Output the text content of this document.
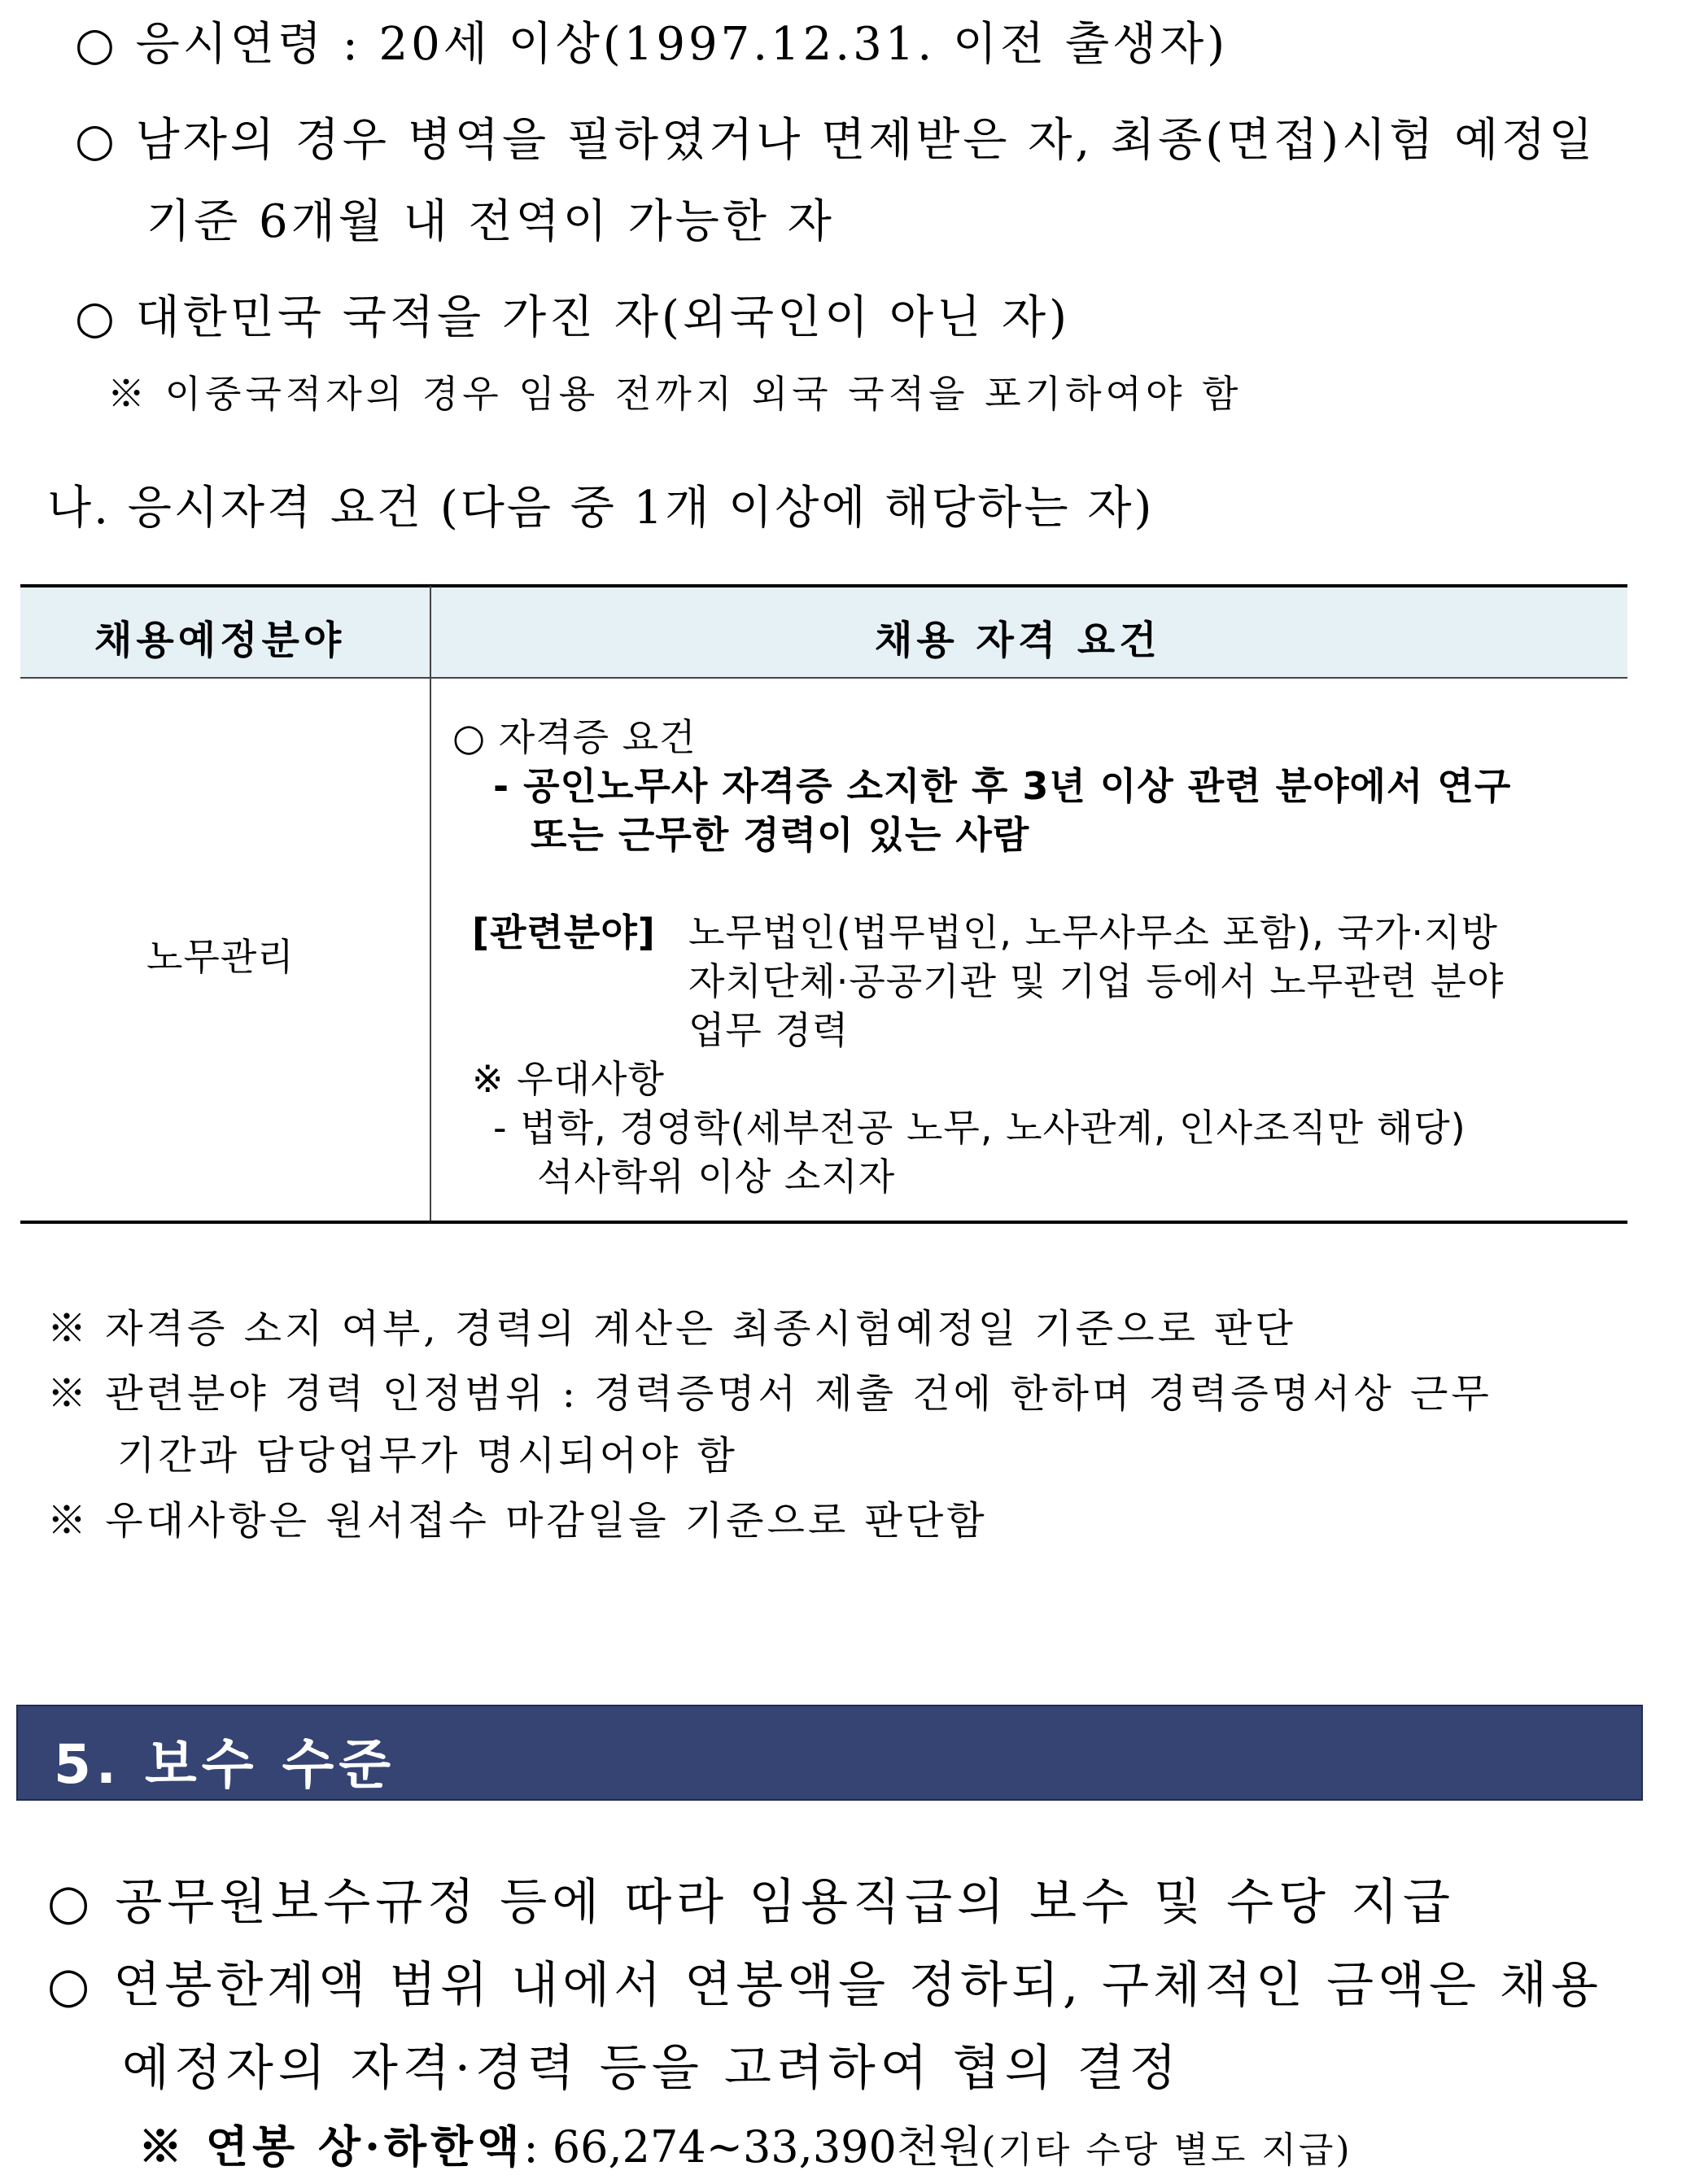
○ 응시연령 : 20세 이상(1997.12.31. 이전 출생자)
○ 남자의 경우 병역을 필하였거나 면제받은 자, 최종(면접)시험 예정일
기준 6개월 내 전역이 가능한 자
○ 대한민국 국적을 가진 자(외국인이 아닌 자)
※ 이중국적자의 경우 임용 전까지 외국 국적을 포기하여야 함
나. 응시자격 요건 (다음 중 1개 이상에 해당하는 자)
채용예정분야	채용 자격 요건
노무관리
○ 자격증 요건
- 공인노무사 자격증 소지한 후 3년 이상 관련 분야에서 연구
또는 근무한 경력이 있는 사람
[관련분야] 노무법인(법무법인, 노무사무소 포함), 국가·지방
자치단체·공공기관 및 기업 등에서 노무관련 분야
업무 경력
※ 우대사항
- 법학, 경영학(세부전공 노무, 노사관계, 인사조직만 해당)
석사학위 이상 소지자
※ 자격증 소지 여부, 경력의 계산은 최종시험예정일 기준으로 판단
※ 관련분야 경력 인정범위 : 경력증명서 제출 건에 한하며 경력증명서상 근무
기간과 담당업무가 명시되어야 함
※ 우대사항은 원서접수 마감일을 기준으로 판단함
5. 보수 수준
○ 공무원보수규정 등에 따라 임용직급의 보수 및 수당 지급
○ 연봉한계액 범위 내에서 연봉액을 정하되, 구체적인 금액은 채용
예정자의 자격·경력 등을 고려하여 협의 결정
※ 연봉 상·하한액: 66,274∼33,390천원(기타 수당 별도 지급)
